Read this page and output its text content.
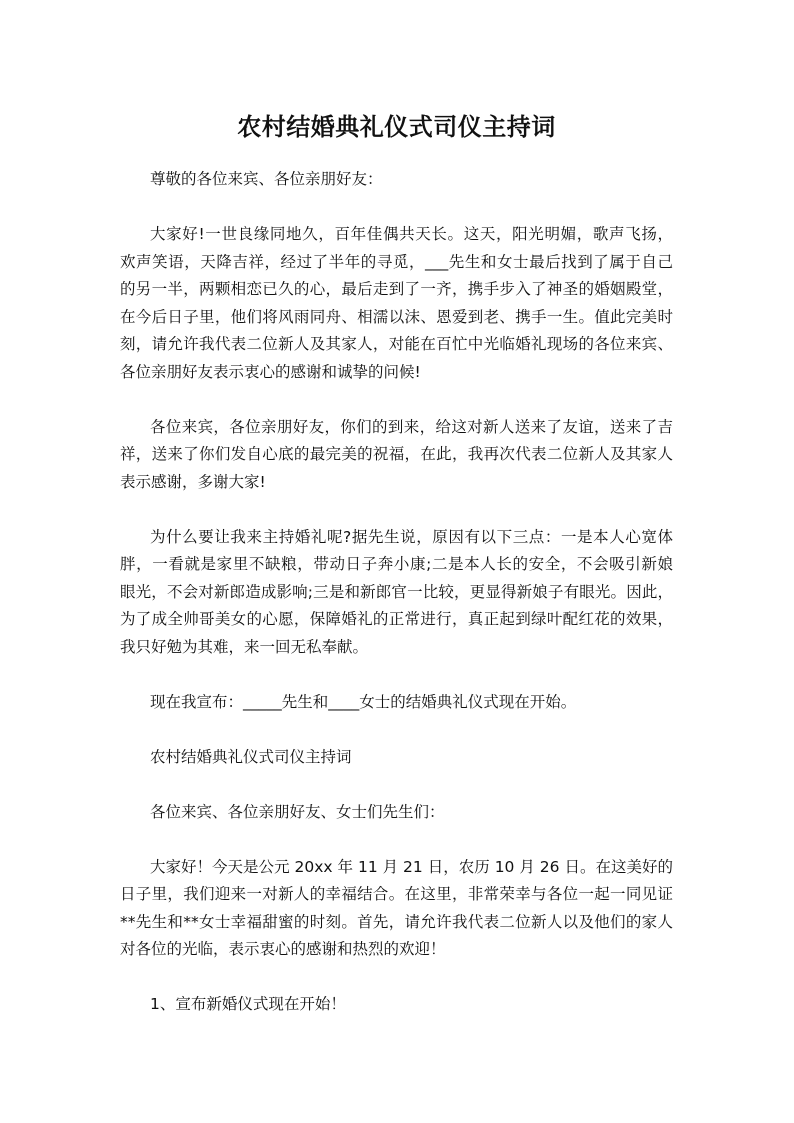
农村结婚典礼仪式司仪主持词
尊敬的各位来宾、各位亲朋好友：
大家好!一世良缘同地久，百年佳偶共天长。这天，阳光明媚，歌声飞扬，
欢声笑语，天降吉祥，经过了半年的寻觅，___先生和女士最后找到了属于自己
的另一半，两颗相恋已久的心，最后走到了一齐，携手步入了神圣的婚姻殿堂，
在今后日子里，他们将风雨同舟、相濡以沫、恩爱到老、携手一生。值此完美时
刻，请允许我代表二位新人及其家人，对能在百忙中光临婚礼现场的各位来宾、
各位亲朋好友表示衷心的感谢和诚挚的问候!
各位来宾，各位亲朋好友，你们的到来，给这对新人送来了友谊，送来了吉
祥，送来了你们发自心底的最完美的祝福，在此，我再次代表二位新人及其家人
表示感谢，多谢大家!
为什么要让我来主持婚礼呢?据先生说，原因有以下三点：一是本人心宽体
胖，一看就是家里不缺粮，带动日子奔小康;二是本人长的安全，不会吸引新娘
眼光，不会对新郎造成影响;三是和新郎官一比较，更显得新娘子有眼光。因此，
为了成全帅哥美女的心愿，保障婚礼的正常进行，真正起到绿叶配红花的效果，
我只好勉为其难，来一回无私奉献。
现在我宣布：_____先生和____女士的结婚典礼仪式现在开始。
农村结婚典礼仪式司仪主持词
各位来宾、各位亲朋好友、女士们先生们：
大家好！今天是公元 20xx 年 11 月 21 日，农历 10 月 26 日。在这美好的
日子里，我们迎来一对新人的幸福结合。在这里，非常荣幸与各位一起一同见证
**先生和**女士幸福甜蜜的时刻。首先，请允许我代表二位新人以及他们的家人
对各位的光临，表示衷心的感谢和热烈的欢迎！
1、宣布新婚仪式现在开始！
